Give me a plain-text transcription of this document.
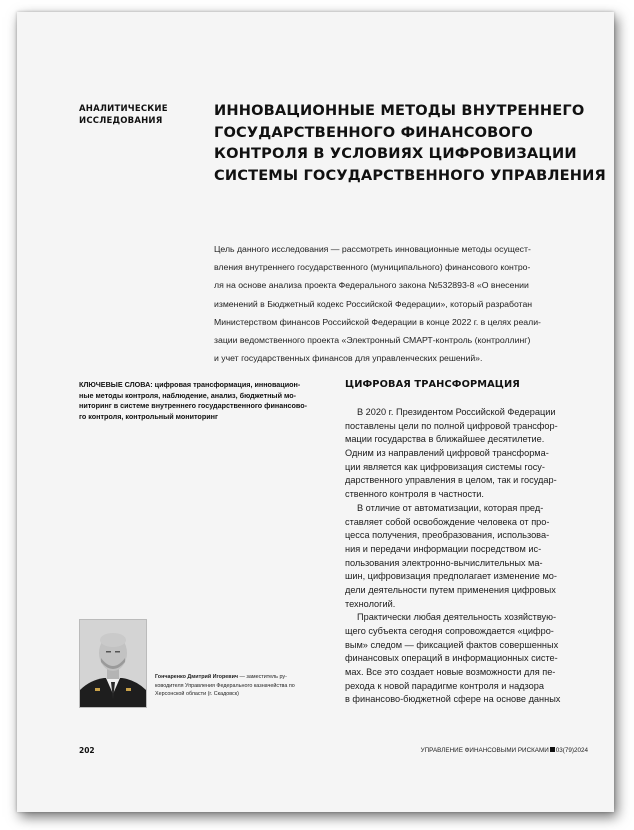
АНАЛИТИЧЕСКИЕ
ИССЛЕДОВАНИЯ
ИННОВАЦИОННЫЕ МЕТОДЫ ВНУТРЕННЕГО
ГОСУДАРСТВЕННОГО ФИНАНСОВОГО
КОНТРОЛЯ В УСЛОВИЯХ ЦИФРОВИЗАЦИИ
СИСТЕМЫ ГОСУДАРСТВЕННОГО УПРАВЛЕНИЯ
Цель данного исследования — рассмотреть инновационные методы осущест-
вления внутреннего государственного (муниципального) финансового контро-
ля на основе анализа проекта Федерального закона №532893-8 «О внесении
изменений в Бюджетный кодекс Российской Федерации», который разработан
Министерством финансов Российской Федерации в конце 2022 г. в целях реали-
зации ведомственного проекта «Электронный СМАРТ-контроль (контроллинг)
и учет государственных финансов для управленческих решений».
КЛЮЧЕВЫЕ СЛОВА: цифровая трансформация, инновацион-
ные методы контроля, наблюдение, анализ, бюджетный мо-
ниторинг в системе внутреннего государственного финансово-
го контроля, контрольный мониторинг
ЦИФРОВАЯ ТРАНСФОРМАЦИЯ
В 2020 г. Президентом Российской Федерации
поставлены цели по полной цифровой трансфор-
мации государства в ближайшее десятилетие.
Одним из направлений цифровой трансформа-
ции является как цифровизация системы госу-
дарственного управления в целом, так и государ-
ственного контроля в частности.
В отличие от автоматизации, которая пред-
ставляет собой освобождение человека от про-
цесса получения, преобразования, использова-
ния и передачи информации посредством ис-
пользования электронно-вычислительных ма-
шин, цифровизация предполагает изменение мо-
дели деятельности путем применения цифровых
технологий.
Практически любая деятельность хозяйствую-
щего субъекта сегодня сопровождается «цифро-
вым» следом — фиксацией фактов совершенных
финансовых операций в информационных систе-
мах. Все это создает новые возможности для пе-
рехода к новой парадигме контроля и надзора
в финансово-бюджетной сфере на основе данных
Гончаренко Дмитрий Игоревич — заместитель ру-
ководителя Управления Федерального казначейства по
Херсонской области (г. Скадовск)
202	УПРАВЛЕНИЕ ФИНАНСОВЫМИ РИСКАМИ 03(79)2024
